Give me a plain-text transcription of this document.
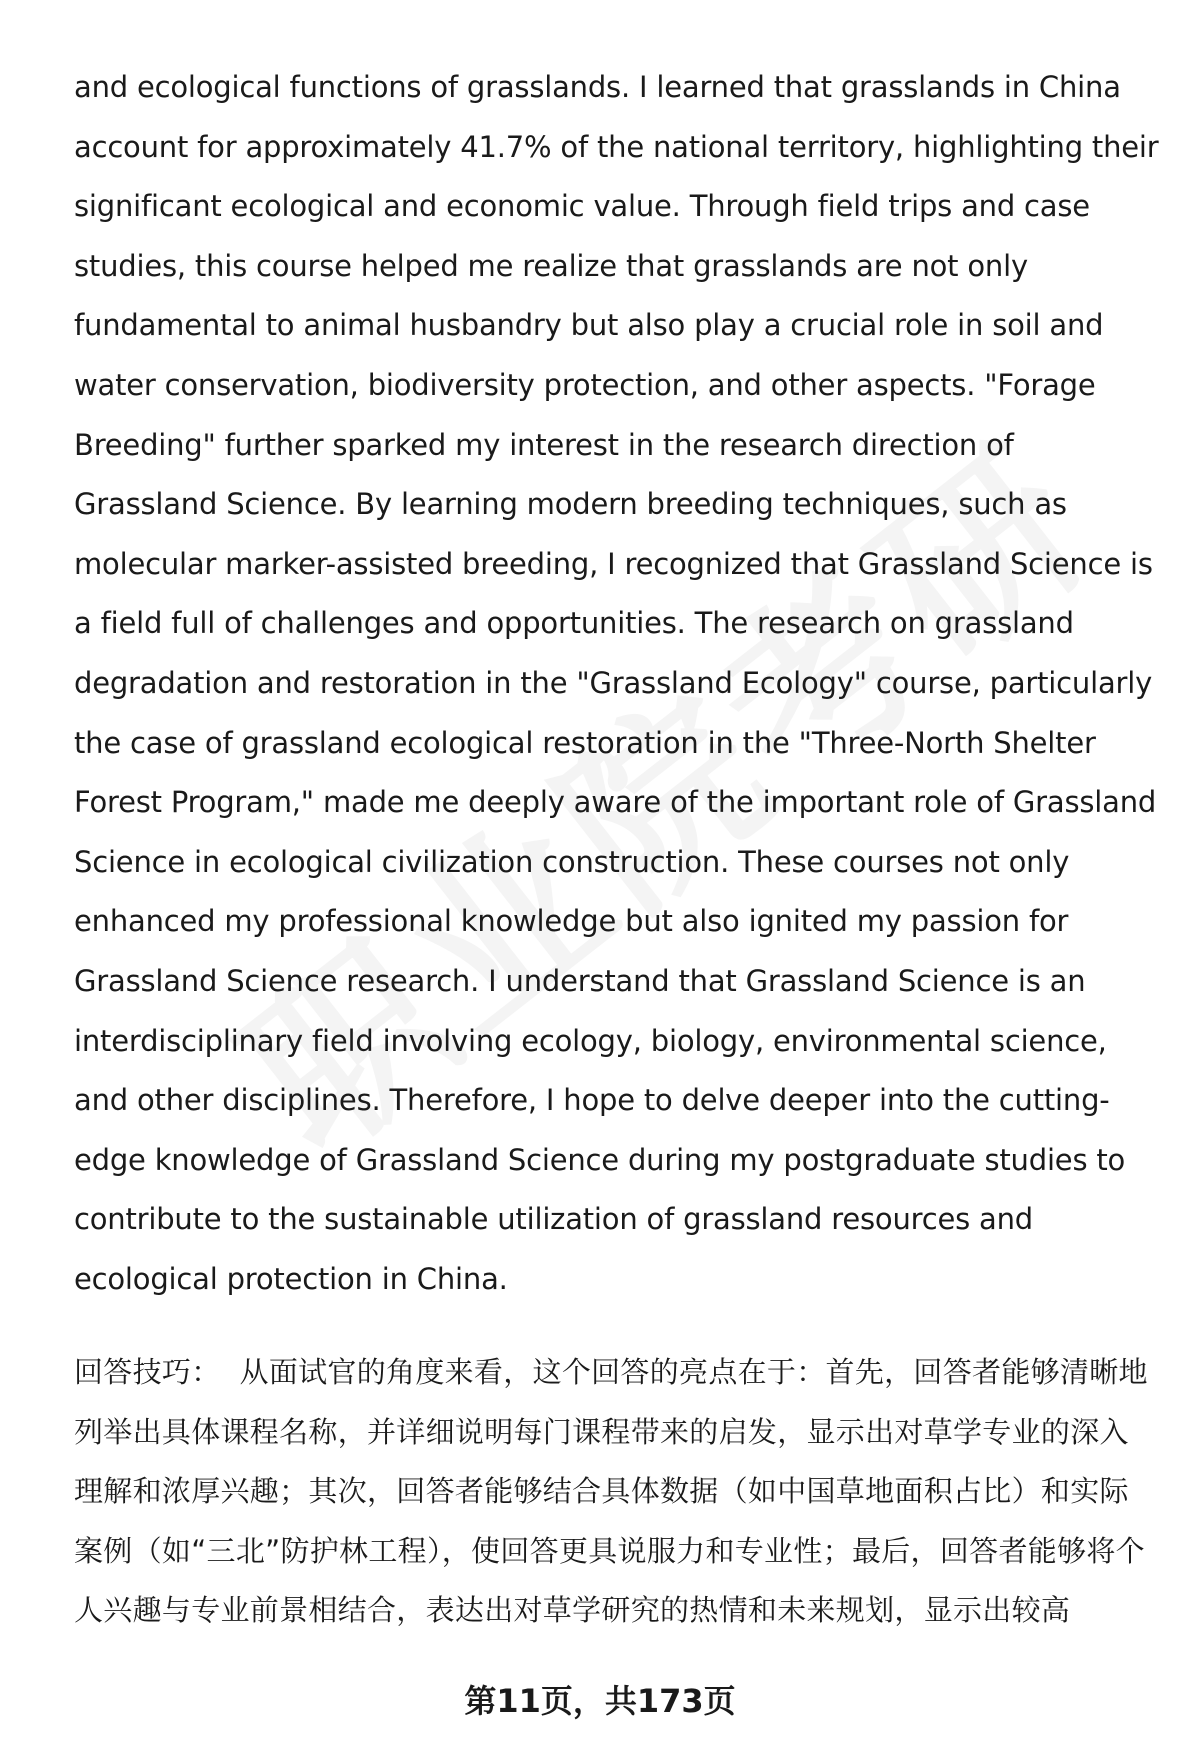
and ecological functions of grasslands. I learned that grasslands in China account for approximately 41.7% of the national territory, highlighting their significant ecological and economic value. Through field trips and case studies, this course helped me realize that grasslands are not only fundamental to animal husbandry but also play a crucial role in soil and water conservation, biodiversity protection, and other aspects. "Forage Breeding" further sparked my interest in the research direction of Grassland Science. By learning modern breeding techniques, such as molecular marker-assisted breeding, I recognized that Grassland Science is a field full of challenges and opportunities. The research on grassland degradation and restoration in the "Grassland Ecology" course, particularly the case of grassland ecological restoration in the "Three-North Shelter Forest Program," made me deeply aware of the important role of Grassland Science in ecological civilization construction. These courses not only enhanced my professional knowledge but also ignited my passion for Grassland Science research. I understand that Grassland Science is an interdisciplinary field involving ecology, biology, environmental science, and other disciplines. Therefore, I hope to delve deeper into the cutting-edge knowledge of Grassland Science during my postgraduate studies to contribute to the sustainable utilization of grassland resources and ecological protection in China.

回答技巧：  从面试官的角度来看，这个回答的亮点在于：首先，回答者能够清晰地列举出具体课程名称，并详细说明每门课程带来的启发，显示出对草学专业的深入理解和浓厚兴趣；其次，回答者能够结合具体数据（如中国草地面积占比）和实际案例（如“三北”防护林工程），使回答更具说服力和专业性；最后，回答者能够将个人兴趣与专业前景相结合，表达出对草学研究的热情和未来规划，显示出较高

第11页，共173页
